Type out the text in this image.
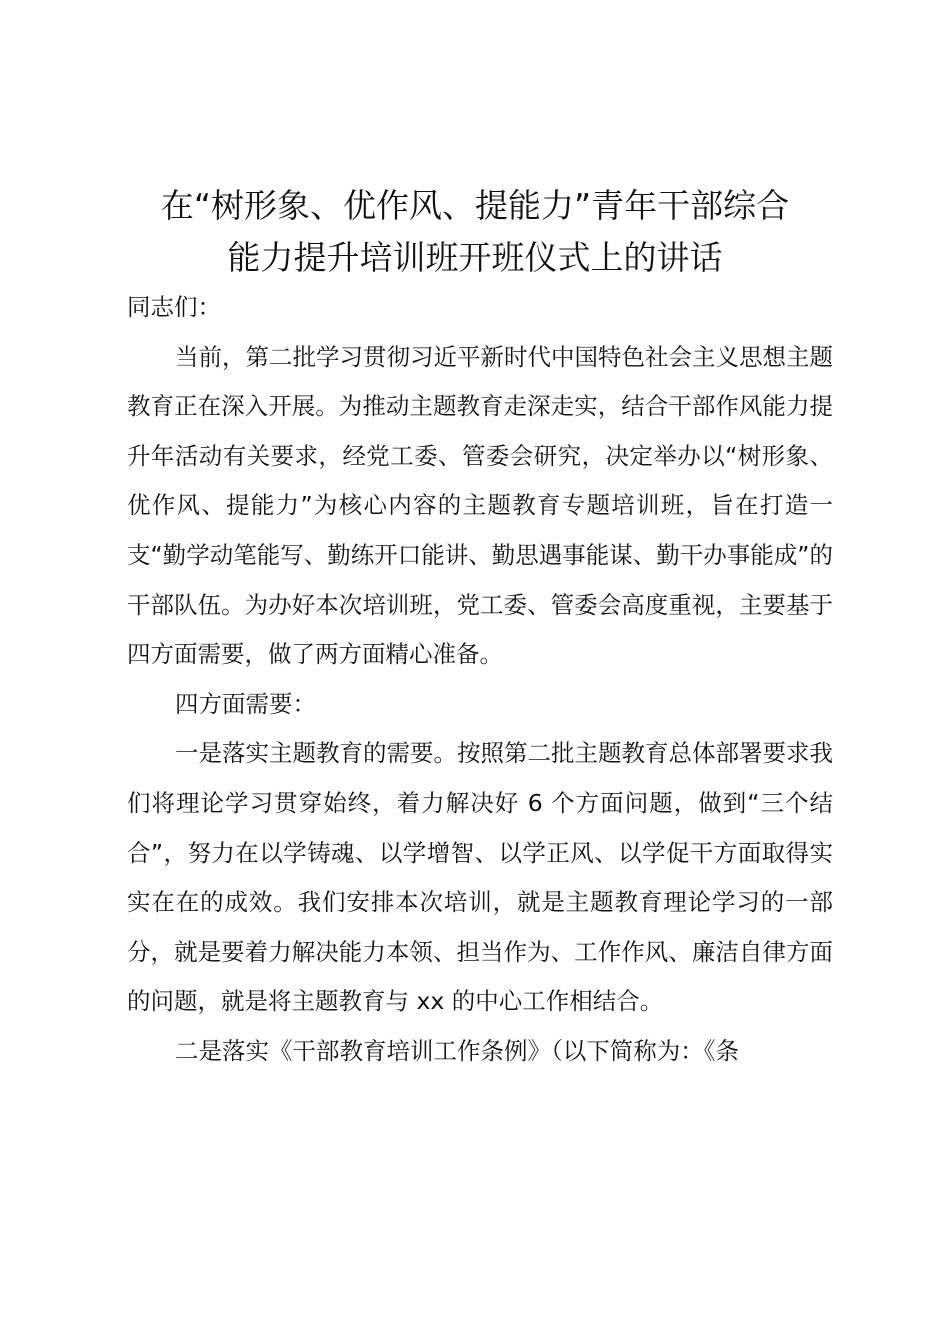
在“树形象、优作风、提能力”青年干部综合
能力提升培训班开班仪式上的讲话

同志们：

当前，第二批学习贯彻习近平新时代中国特色社会主义思想主题教育正在深入开展。为推动主题教育走深走实，结合干部作风能力提升年活动有关要求，经党工委、管委会研究，决定举办以“树形象、优作风、提能力”为核心内容的主题教育专题培训班，旨在打造一支“勤学动笔能写、勤练开口能讲、勤思遇事能谋、勤干办事能成”的干部队伍。为办好本次培训班，党工委、管委会高度重视，主要基于四方面需要，做了两方面精心准备。

四方面需要：

一是落实主题教育的需要。按照第二批主题教育总体部署要求我们将理论学习贯穿始终，着力解决好 6 个方面问题，做到“三个结合”，努力在以学铸魂、以学增智、以学正风、以学促干方面取得实实在在的成效。我们安排本次培训，就是主题教育理论学习的一部分，就是要着力解决能力本领、担当作为、工作作风、廉洁自律方面的问题，就是将主题教育与 xx 的中心工作相结合。

二是落实《干部教育培训工作条例》（以下简称为：《条
